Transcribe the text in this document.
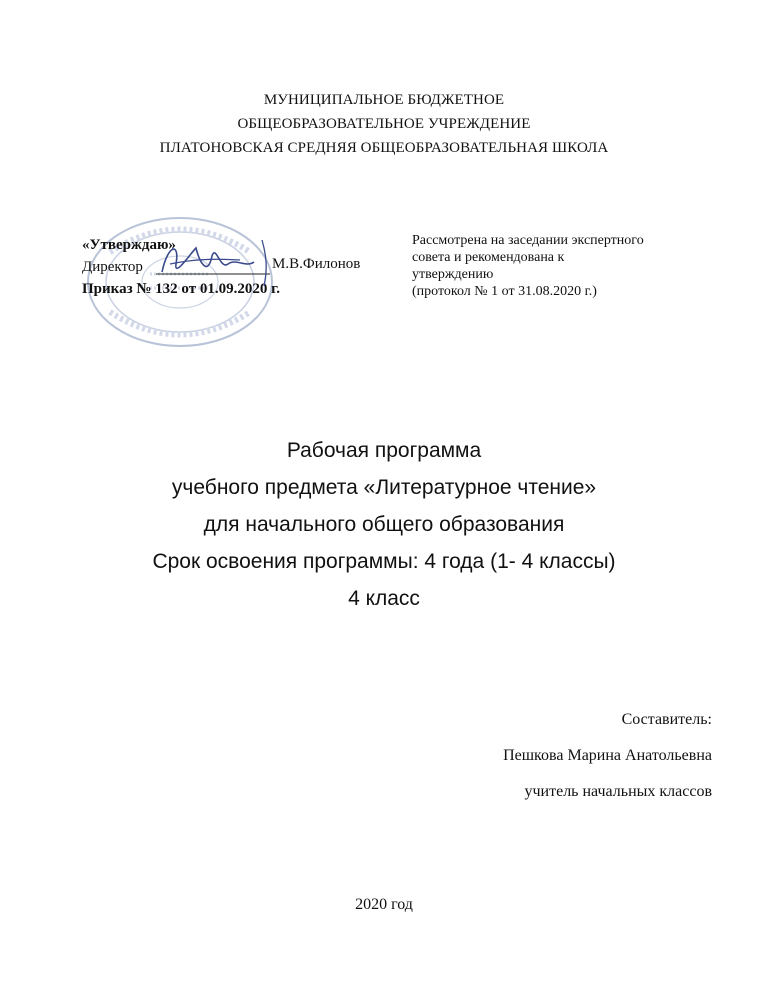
МУНИЦИПАЛЬНОЕ БЮДЖЕТНОЕ
ОБЩЕОБРАЗОВАТЕЛЬНОЕ УЧРЕЖДЕНИЕ
ПЛАТОНОВСКАЯ СРЕДНЯЯ ОБЩЕОБРАЗОВАТЕЛЬНАЯ ШКОЛА
«Утверждаю»
Директор
Приказ № 132 от 01.09.2020 г.
М.В.Филонов
Рассмотрена на заседании экспертного
совета и рекомендована к
утверждению
(протокол № 1 от 31.08.2020 г.)
Рабочая программа
учебного предмета «Литературное чтение»
для начального общего образования
Срок освоения программы: 4 года (1- 4 классы)
4 класс
Составитель:
Пешкова Марина Анатольевна
учитель начальных классов
2020 год
